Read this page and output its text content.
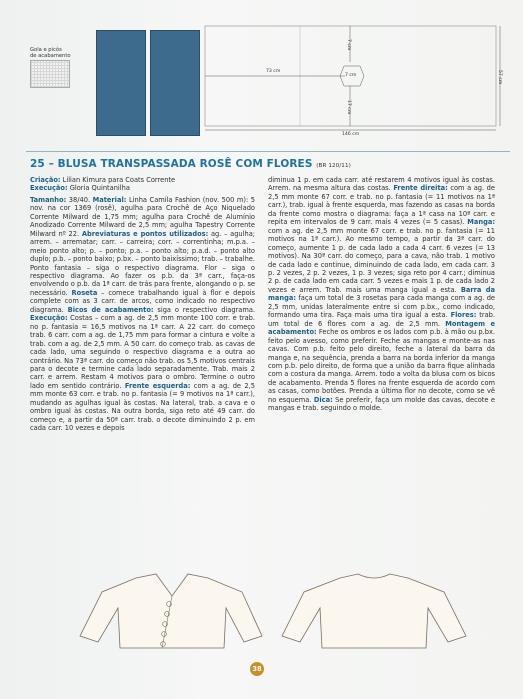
Gola e picôs
de acabamento
73 cm
146 cm
7 cm
7 cm
17 cm
57 cm
25 – BLUSA TRANSPASSADA ROSÊ COM FLORES (BR 120/11)

Criação: Lilian Kimura para Coats Corrente

Execução: Gloria Quintanilha

Tamanho: 38/40. Material: Linha Camila Fashion (nov. 500 m): 5 nov. na cor 1369 (rosê), agulha para Crochê de Aço Niquelado Corrente Milward de 1,75 mm; agulha para Crochê de Alumínio Anodizado Corrente Milward de 2,5 mm; agulha Tapestry Corrente Milward nº 22. Abreviaturas e pontos utilizados: ag. – agulha; arrem. – arrematar; carr. – carreira; corr. – correntinha; m.p.a. – meio ponto alto; p. – ponto; p.a. – ponto alto; p.a.d. – ponto alto duplo; p.b. – ponto baixo; p.bx. – ponto baixíssimo; trab. – trabalhe. Ponto fantasia – siga o respectivo diagrama. Flor – siga o respectivo diagrama. Ao fazer os p.b. da 3ª carr., faça-os envolvendo o p.b. da 1ª carr. de trás para frente, alongando o p. se necessário. Roseta – comece trabalhando igual à flor e depois complete com as 3 carr. de arcos, como indicado no respectivo diagrama. Bicos de acabamento: siga o respectivo diagrama. Execução: Costas – com a ag. de 2,5 mm monte 100 corr. e trab. no p. fantasia = 16,5 motivos na 1ª carr. A 22 carr. do começo trab. 6 carr. com a ag. de 1,75 mm para formar a cintura e volte a trab. com a ag. de 2,5 mm. A 50 carr. do começo trab. as cavas de cada lado, uma seguindo o respectivo diagrama e a outra ao contrário. Na 73ª carr. do começo não trab. os 5,5 motivos centrais para o decote e termine cada lado separadamente. Trab. mais 2 carr. e arrem. Restam 4 motivos para o ombro. Termine o outro lado em sentido contrário. Frente esquerda: com a ag. de 2,5 mm monte 63 corr. e trab. no p. fantasia (= 9 motivos na 1ª carr.), mudando as agulhas igual às costas. Na lateral, trab. a cava e o ombro igual às costas. Na outra borda, siga reto até 49 carr. do começo e, a partir da 50ª carr. trab. o decote diminuindo 2 p. em cada carr. 10 vezes e depois

diminua 1 p. em cada carr. até restarem 4 motivos igual às costas. Arrem. na mesma altura das costas. Frente direita: com a ag. de 2,5 mm monte 67 corr. e trab. no p. fantasia (= 11 motivos na 1ª carr.), trab. igual à frente esquerda, mas fazendo as casas na borda da frente como mostra o diagrama: faça a 1ª casa na 10ª carr. e repita em intervalos de 9 carr. mais 4 vezes (= 5 casas). Manga: com a ag. de 2,5 mm monte 67 corr. e trab. no p. fantasia (= 11 motivos na 1ª carr.). Ao mesmo tempo, a partir da 3ª carr. do começo, aumente 1 p. de cada lado a cada 4 carr. 6 vezes (= 13 motivos). Na 30ª carr. do começo, para a cava, não trab. 1 motivo de cada lado e continue, diminuindo de cada lado, em cada carr. 3 p. 2 vezes, 2 p. 2 vezes, 1 p. 3 vezes; siga reto por 4 carr.; diminua 2 p. de cada lado em cada carr. 5 vezes e mais 1 p. de cada lado 2 vezes e arrem. Trab. mais uma manga igual a esta. Barra da manga: faça um total de 3 rosetas para cada manga com a ag. de 2,5 mm, unidas lateralmente entre si com p.bx., como indicado, formando uma tira. Faça mais uma tira igual a esta. Flores: trab. um total de 6 flores com a ag. de 2,5 mm. Montagem e acabamento: Feche os ombros e os lados com p.b. à mão ou p.bx. feito pelo avesso, como preferir. Feche as mangas e monte-as nas cavas. Com p.b. feito pelo direito, feche a lateral da barra da manga e, na sequência, prenda a barra na borda inferior da manga com p.b. pelo direito, de forma que a união da barra fique alinhada com a costura da manga. Arrem. todo a volta da blusa com os bicos de acabamento. Prenda 5 flores na frente esquerda de acordo com as casas, como botões. Prenda a última flor no decote, como se vê no esquema. Dica: Se preferir, faça um molde das cavas, decote e mangas e trab. seguindo o molde.

38
